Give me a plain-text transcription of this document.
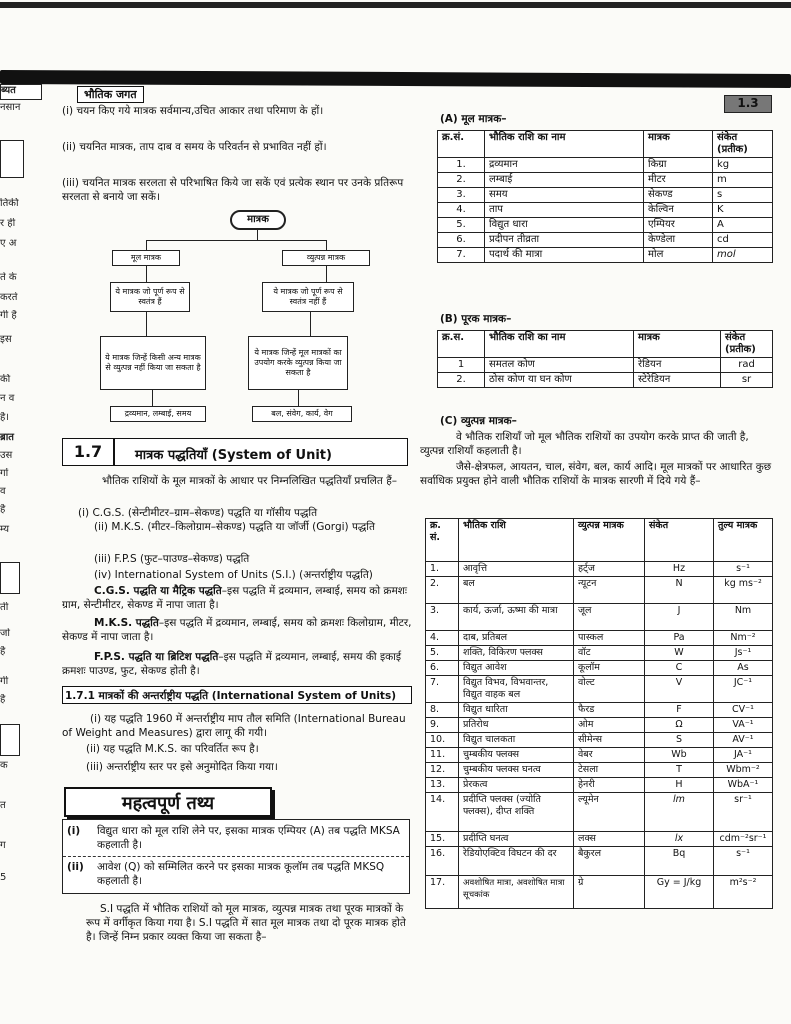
ब्यत
नसान
तिकी
र ही
ए अ
ते के
करते
गी है
इस
की
न व
है।
ब्रात
उस
गों
व
है
म्य
ती
जो
है
गी
है
क
त
ग
5
भौतिक जगत
1.3
(i) चयन किए गये मात्रक सर्वमान्य,उचित आकार तथा परिमाण के हों।
(ii) चयनित मात्रक, ताप दाब व समय के परिवर्तन से प्रभावित नहीं हों।
(iii) चयनित मात्रक सरलता से परिभाषित किये जा सकें एवं प्रत्येक स्थान पर उनके प्रतिरूप सरलता से बनाये जा सकें।
मात्रक
मूल मात्रक	व्युत्पन्न मात्रक
ये मात्रक जो पूर्ण रूप से स्वतंत्र हैं
ये मात्रक जो पूर्ण रूप से स्वतंत्र नहीं हैं
ये मात्रक जिन्हें किसी अन्य मात्रक से व्युत्पन्न नहीं किया जा सकता है
ये मात्रक जिन्हें मूल मात्रकों का उपयोग करके व्युत्पन्न किया जा सकता है
द्रव्यमान, लम्बाई, समय	बल, संवेग, कार्य, वेग
1.7	मात्रक पद्धतियाँ (System of Unit)
भौतिक राशियों के मूल मात्रकों के आधार पर निम्नलिखित पद्धतियाँ प्रचलित हैं–
(i) C.G.S. (सेन्टीमीटर–ग्राम–सेकण्ड) पद्धति या गॉसीय पद्धति
(ii) M.K.S. (मीटर–किलोग्राम–सेकण्ड) पद्धति या जॉर्जी (Gorgi) पद्धति
(iii) F.P.S (फुट–पाउण्ड–सेकण्ड) पद्धति
(iv) International System of Units (S.I.) (अन्तर्राष्ट्रीय पद्धति)
C.G.S. पद्धति या मैट्रिक पद्धति–इस पद्धति में द्रव्यमान, लम्बाई, समय को क्रमशः ग्राम, सेन्टीमीटर, सेकण्ड में नापा जाता है।
M.K.S. पद्धति–इस पद्धति में द्रव्यमान, लम्बाई, समय को क्रमशः किलोग्राम, मीटर, सेकण्ड में नापा जाता है।
F.P.S. पद्धति या ब्रिटिश पद्धति–इस पद्धति में द्रव्यमान, लम्बाई, समय की इकाई क्रमशः पाउण्ड, फुट, सेकण्ड होती है।
1.7.1 मात्रकों की अन्तर्राष्ट्रीय पद्धति (International System of Units)
(i) यह पद्धति 1960 में अन्तर्राष्ट्रीय माप तौल समिति (International Bureau of Weight and Measures) द्वारा लागू की गयी।
(ii) यह पद्धति M.K.S. का परिवर्तित रूप है।
(iii) अन्तर्राष्ट्रीय स्तर पर इसे अनुमोदित किया गया।
महत्वपूर्ण तथ्य
(i) विद्युत धारा को मूल राशि लेने पर, इसका मात्रक एम्पियर (A) तब पद्धति MKSA कहलाती है।
(ii) आवेश (Q) को सम्मिलित करने पर इसका मात्रक कूलॉम तब पद्धति MKSQ कहलाती है।
S.I पद्धति में भौतिक राशियों को मूल मात्रक, व्युत्पन्न मात्रक तथा पूरक मात्रकों के रूप में वर्गीकृत किया गया है। S.I पद्धति में सात मूल मात्रक तथा दो पूरक मात्रक होते है। जिन्हें निम्न प्रकार व्यक्त किया जा सकता है–
(A) मूल मात्रक–
क्र.सं.	भौतिक राशि का नाम	मात्रक	संकेत (प्रतीक)
1.	द्रव्यमान	किग्रा	kg
2.	लम्बाई	मीटर	m
3.	समय	सेकण्ड	s
4.	ताप	केल्विन	K
5.	विद्युत धारा	एम्पियर	A
6.	प्रदीपन तीव्रता	केण्डेला	cd
7.	पदार्थ की मात्रा	मोल	mol
(B) पूरक मात्रक–
क्र.स.	भौतिक राशि का नाम	मात्रक	संकेत (प्रतीक)
1	समतल कोण	रेडियन	rad
2.	ठोस कोण या घन कोण	स्टेरेडियन	sr
(C) व्युत्पन्न मात्रक–
वे भौतिक राशियाँ जो मूल भौतिक राशियों का उपयोग करके प्राप्त की जाती है, व्युत्पन्न राशियाँ कहलाती है।
जैसे-क्षेत्रफल, आयतन, चाल, संवेग, बल, कार्य आदि। मूल मात्रकों पर आधारित कुछ सर्वाधिक प्रयुक्त होने वाली भौतिक राशियों के मात्रक सारणी में दिये गये हैं–
क्र. सं.	भौतिक राशि	व्युत्पन्न मात्रक	संकेत	तुल्य मात्रक
1.	आवृत्ति	हर्ट्ज	Hz	s⁻¹
2.	बल	न्यूटन	N	kg ms⁻²
3.	कार्य, ऊर्जा, ऊष्मा की मात्रा	जूल	J	Nm
4.	दाब, प्रतिबल	पास्कल	Pa	Nm⁻²
5.	शक्ति, विकिरण फ्लक्स	वॉट	W	Js⁻¹
6.	विद्युत आवेश	कूलॉम	C	As
7.	विद्युत विभव, विभवान्तर, विद्युत वाहक बल	वोल्ट	V	JC⁻¹
8.	विद्युत धारिता	फैरड	F	CV⁻¹
9.	प्रतिरोध	ओम	Ω	VA⁻¹
10.	विद्युत चालकता	सीमेन्स	S	AV⁻¹
11.	चुम्बकीय फ्लक्स	वेबर	Wb	JA⁻¹
12.	चुम्बकीय फ्लक्स घनत्व	टेसला	T	Wbm⁻²
13.	प्रेरकत्व	हेनरी	H	WbA⁻¹
14.	प्रदीप्ति फ्लक्स (ज्योति फ्लक्स), दीप्त शक्ति	ल्यूमेन	lm	sr⁻¹
15.	प्रदीप्ति घनत्व	लक्स	lx	cdm⁻²sr⁻¹
16.	रेडियोएक्टिव विघटन की दर	बैकुरल	Bq	s⁻¹
17.	अवशोषित मात्रा, अवशोषित मात्रा सूचकांक	ग्रे	Gy = J/kg	m²s⁻²
